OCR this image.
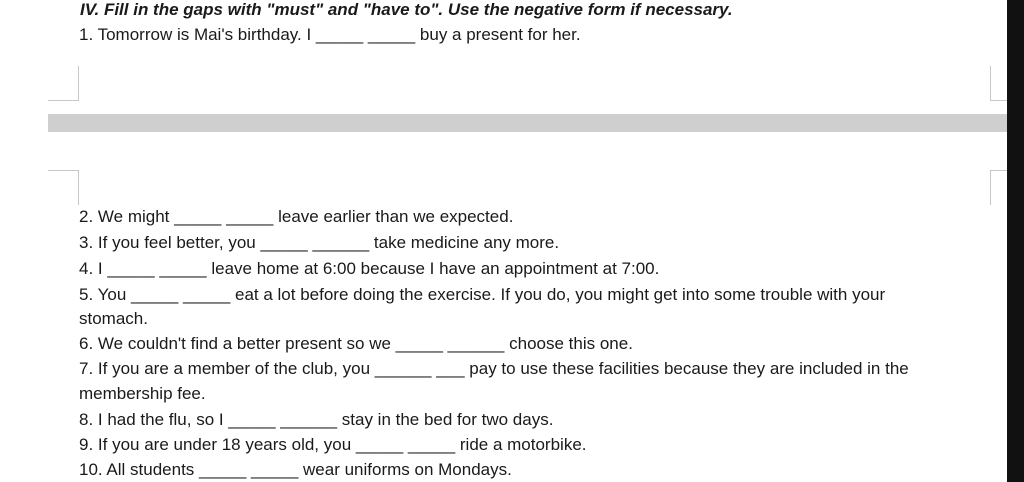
IV. Fill in the gaps with "must" and "have to". Use the negative form if necessary.
1. Tomorrow is Mai's birthday. I _____ _____ buy a present for her.
2. We might _____ _____ leave earlier than we expected.
3. If you feel better, you _____ ______ take medicine any more.
4. I _____ _____ leave home at 6:00 because I have an appointment at 7:00.
5. You _____ _____ eat a lot before doing the exercise. If you do, you might get into some trouble with your
stomach.
6. We couldn't find a better present so we _____ ______ choose this one.
7. If you are a member of the club, you ______ ___ pay to use these facilities because they are included in the
membership fee.
8. I had the flu, so I _____ ______ stay in the bed for two days.
9. If you are under 18 years old, you _____ _____ ride a motorbike.
10. All students _____ _____ wear uniforms on Mondays.
